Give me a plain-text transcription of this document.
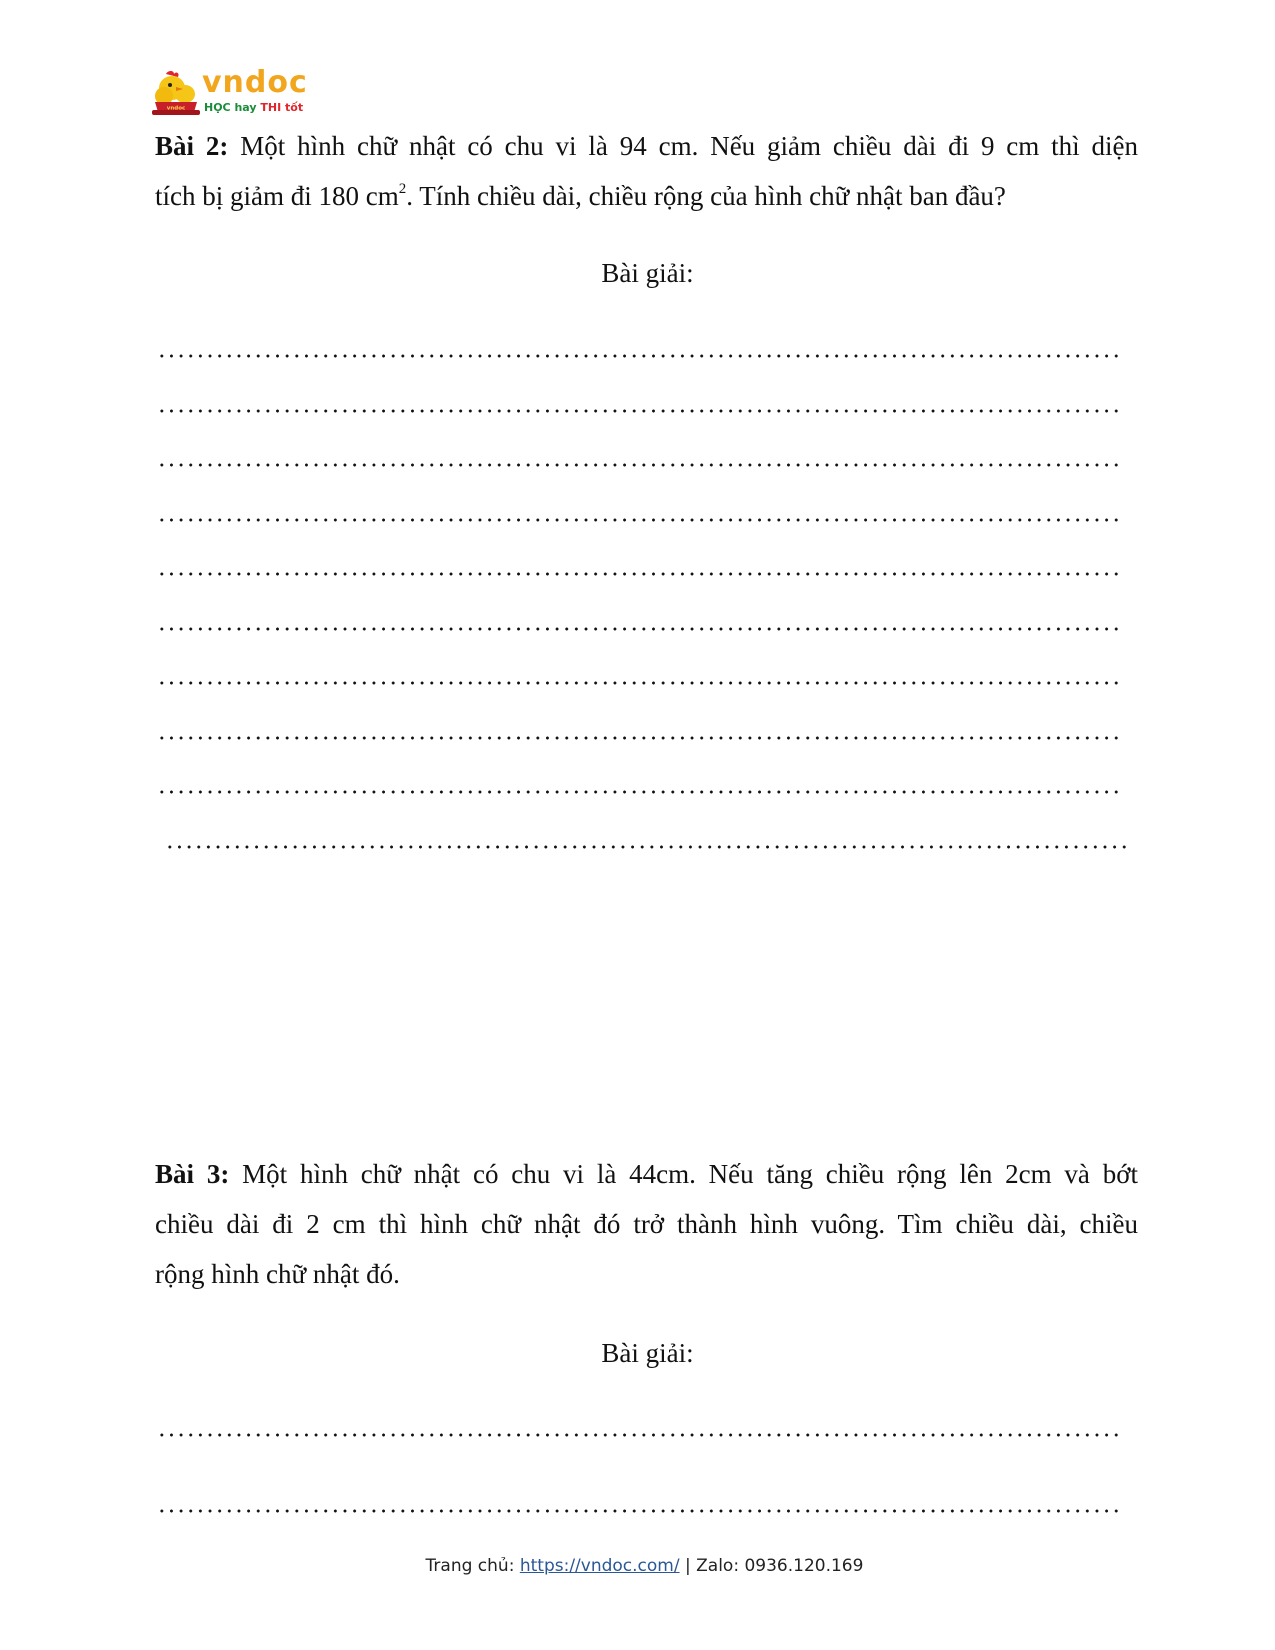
vndoc
vndoc
HỌC hay THI tốt
Bài 2: Một hình chữ nhật có chu vi là 94 cm. Nếu giảm chiều dài đi 9 cm thì diện
tích bị giảm đi 180 $cm^2$. Tính chiều dài, chiều rộng của hình chữ nhật ban đầu?
Bài giải:
Bài 3: Một hình chữ nhật có chu vi là 44cm. Nếu tăng chiều rộng lên 2cm và bớt
chiều dài đi 2 cm thì hình chữ nhật đó trở thành hình vuông. Tìm chiều dài, chiều
rộng hình chữ nhật đó.
Bài giải:
Trang chủ: https://vndoc.com/ | Zalo: 0936.120.169
